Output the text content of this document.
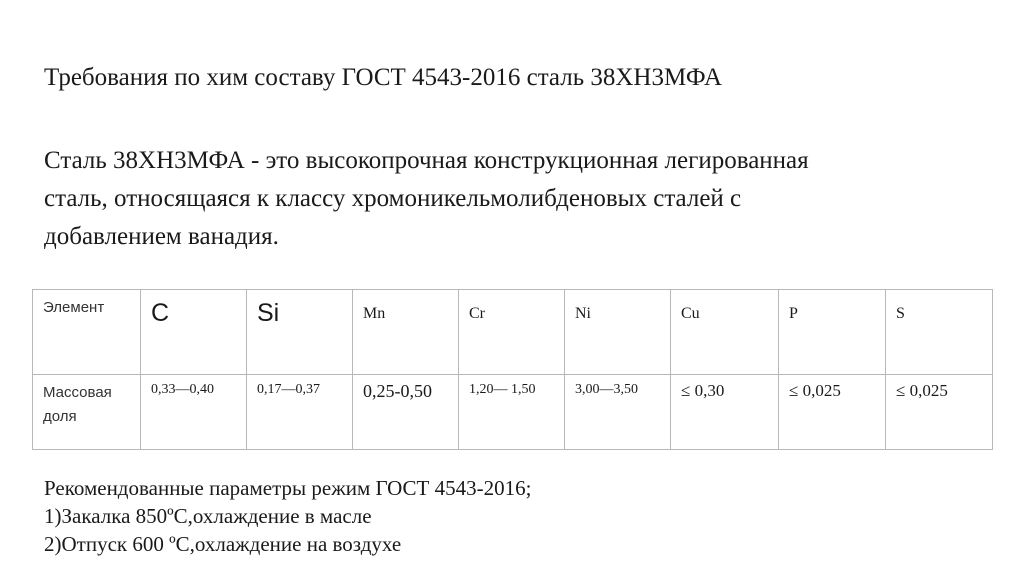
Требования по хим составу ГОСТ 4543-2016 сталь 38ХН3МФА
Сталь 38ХН3МФА - это высокопрочная конструкционная легированная
сталь, относящаяся к классу хромоникельмолибденовых сталей с
добавлением ванадия.
Элемент	C	Si	Mn	Cr	Ni	Cu	P	S

Массовая доля	0,33—0,40	0,17—0,37	0,25-0,50	1,20— 1,50	3,00—3,50	≤ 0,30	≤ 0,025	≤ 0,025
Рекомендованные параметры режим ГОСТ 4543-2016;
1)Закалка 850ºС,охлаждение в масле
2)Отпуск 600 ºС,охлаждение на воздухе
